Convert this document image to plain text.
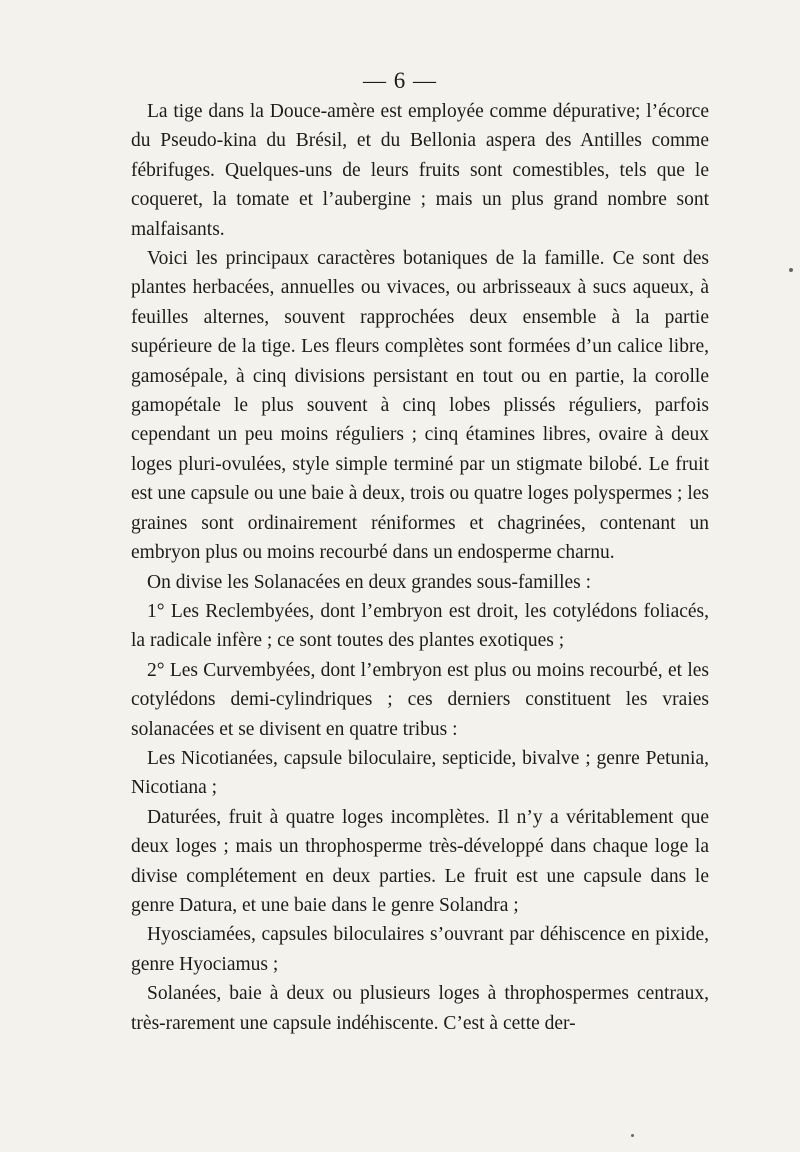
— 6 —

La tige dans la Douce-amère est employée comme dépurative; l’écorce du Pseudo-kina du Brésil, et du Bellonia aspera des Antilles comme fébrifuges. Quelques-uns de leurs fruits sont comestibles, tels que le coqueret, la tomate et l’aubergine ; mais un plus grand nombre sont malfaisants.

Voici les principaux caractères botaniques de la famille. Ce sont des plantes herbacées, annuelles ou vivaces, ou arbrisseaux à sucs aqueux, à feuilles alternes, souvent rapprochées deux ensemble à la partie supérieure de la tige. Les fleurs complètes sont formées d’un calice libre, gamosépale, à cinq divisions persistant en tout ou en partie, la corolle gamopétale le plus souvent à cinq lobes plissés réguliers, parfois cependant un peu moins réguliers ; cinq étamines libres, ovaire à deux loges pluri-ovulées, style simple terminé par un stigmate bilobé. Le fruit est une capsule ou une baie à deux, trois ou quatre loges polyspermes ; les graines sont ordinairement réniformes et chagrinées, contenant un embryon plus ou moins recourbé dans un endosperme charnu.

On divise les Solanacées en deux grandes sous-familles :

1° Les Reclembyées, dont l’embryon est droit, les cotylédons foliacés, la radicale infère ; ce sont toutes des plantes exotiques ;

2° Les Curvembyées, dont l’embryon est plus ou moins recourbé, et les cotylédons demi-cylindriques ; ces derniers constituent les vraies solanacées et se divisent en quatre tribus :

Les Nicotianées, capsule biloculaire, septicide, bivalve ; genre Petunia, Nicotiana ;

Daturées, fruit à quatre loges incomplètes. Il n’y a véritablement que deux loges ; mais un throphosperme très-développé dans chaque loge la divise complétement en deux parties. Le fruit est une capsule dans le genre Datura, et une baie dans le genre Solandra ;

Hyosciamées, capsules biloculaires s’ouvrant par déhiscence en pixide, genre Hyociamus ;

Solanées, baie à deux ou plusieurs loges à throphospermes centraux, très-rarement une capsule indéhiscente. C’est à cette der-
